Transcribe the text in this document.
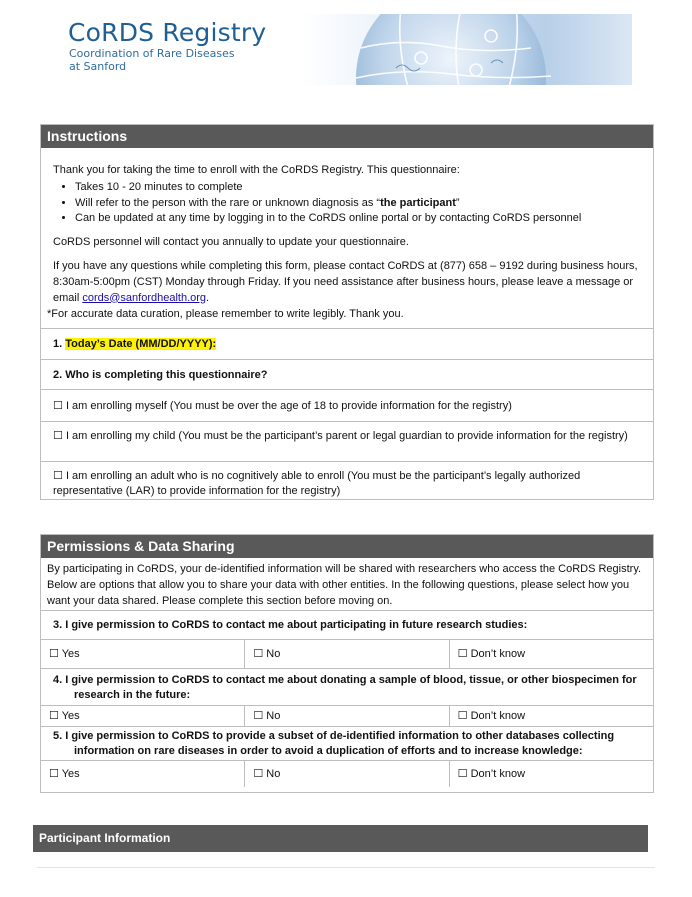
CoRDS Registry
Coordination of Rare Diseases
at Sanford
Instructions
Thank you for taking the time to enroll with the CoRDS Registry. This questionnaire:
• Takes 10 - 20 minutes to complete
• Will refer to the person with the rare or unknown diagnosis as “the participant”
• Can be updated at any time by logging in to the CoRDS online portal or by contacting CoRDS personnel
CoRDS personnel will contact you annually to update your questionnaire.
If you have any questions while completing this form, please contact CoRDS at (877) 658 – 9192 during business hours, 8:30am-5:00pm (CST) Monday through Friday. If you need assistance after business hours, please leave a message or email cords@sanfordhealth.org.
*For accurate data curation, please remember to write legibly. Thank you.
1. Today’s Date (MM/DD/YYYY):
2. Who is completing this questionnaire?
☐ I am enrolling myself (You must be over the age of 18 to provide information for the registry)
☐ I am enrolling my child (You must be the participant’s parent or legal guardian to provide information for the registry)
☐ I am enrolling an adult who is no cognitively able to enroll (You must be the participant’s legally authorized representative (LAR) to provide information for the registry)
Permissions & Data Sharing
By participating in CoRDS, your de-identified information will be shared with researchers who access the CoRDS Registry. Below are options that allow you to share your data with other entities. In the following questions, please select how you want your data shared. Please complete this section before moving on.
3. I give permission to CoRDS to contact me about participating in future research studies:
☐ Yes	☐ No	☐ Don’t know
4. I give permission to CoRDS to contact me about donating a sample of blood, tissue, or other biospecimen for
research in the future:
☐ Yes	☐ No	☐ Don’t know
5. I give permission to CoRDS to provide a subset of de-identified information to other databases collecting
information on rare diseases in order to avoid a duplication of efforts and to increase knowledge:
☐ Yes	☐ No	☐ Don’t know
Participant Information
